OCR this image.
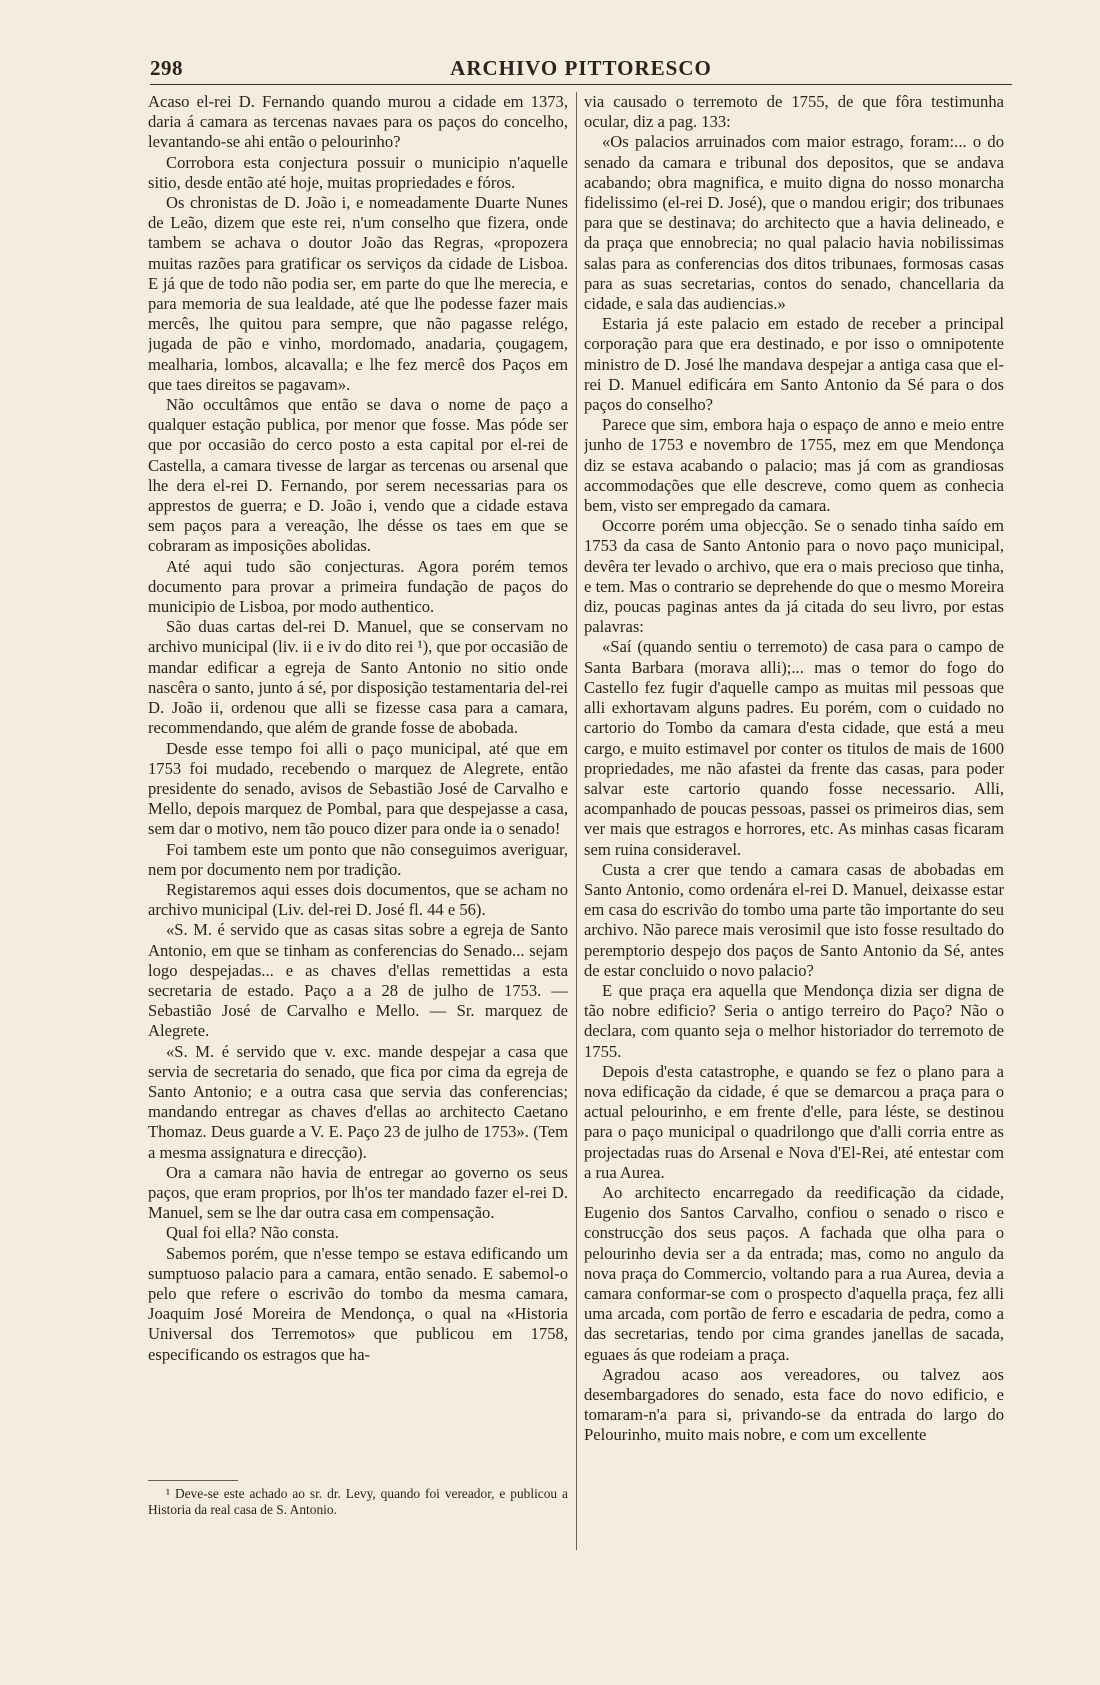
298	ARCHIVO PITTORESCO

Acaso el-rei D. Fernando quando murou a cidade em 1373, daria á camara as tercenas navaes para os paços do concelho, levantando-se ahi então o pelourinho?

Corrobora esta conjectura possuir o municipio n'aquelle sitio, desde então até hoje, muitas propriedades e fóros.

Os chronistas de D. João i, e nomeadamente Duarte Nunes de Leão, dizem que este rei, n'um conselho que fizera, onde tambem se achava o doutor João das Regras, «propozera muitas razões para gratificar os serviços da cidade de Lisboa. E já que de todo não podia ser, em parte do que lhe merecia, e para memoria de sua lealdade, até que lhe podesse fazer mais mercês, lhe quitou para sempre, que não pagasse relégo, jugada de pão e vinho, mordomado, anadaria, çougagem, mealharia, lombos, alcavalla; e lhe fez mercê dos Paços em que taes direitos se pagavam».

Não occultâmos que então se dava o nome de paço a qualquer estação publica, por menor que fosse. Mas póde ser que por occasião do cerco posto a esta capital por el-rei de Castella, a camara tivesse de largar as tercenas ou arsenal que lhe dera el-rei D. Fernando, por serem necessarias para os apprestos de guerra; e D. João i, vendo que a cidade estava sem paços para a vereação, lhe désse os taes em que se cobraram as imposições abolidas.

Até aqui tudo são conjecturas. Agora porém temos documento para provar a primeira fundação de paços do municipio de Lisboa, por modo authentico.

São duas cartas del-rei D. Manuel, que se conservam no archivo municipal (liv. ii e iv do dito rei ¹), que por occasião de mandar edificar a egreja de Santo Antonio no sitio onde nascêra o santo, junto á sé, por disposição testamentaria del-rei D. João ii, ordenou que alli se fizesse casa para a camara, recommendando, que além de grande fosse de abobada.

Desde esse tempo foi alli o paço municipal, até que em 1753 foi mudado, recebendo o marquez de Alegrete, então presidente do senado, avisos de Sebastião José de Carvalho e Mello, depois marquez de Pombal, para que despejasse a casa, sem dar o motivo, nem tão pouco dizer para onde ia o senado!

Foi tambem este um ponto que não conseguimos averiguar, nem por documento nem por tradição.

Registaremos aqui esses dois documentos, que se acham no archivo municipal (Liv. del-rei D. José fl. 44 e 56).

«S. M. é servido que as casas sitas sobre a egreja de Santo Antonio, em que se tinham as conferencias do Senado... sejam logo despejadas... e as chaves d'ellas remettidas a esta secretaria de estado. Paço a a 28 de julho de 1753. — Sebastião José de Carvalho e Mello. — Sr. marquez de Alegrete.

«S. M. é servido que v. exc. mande despejar a casa que servia de secretaria do senado, que fica por cima da egreja de Santo Antonio; e a outra casa que servia das conferencias; mandando entregar as chaves d'ellas ao architecto Caetano Thomaz. Deus guarde a V. E. Paço 23 de julho de 1753». (Tem a mesma assignatura e direcção).

Ora a camara não havia de entregar ao governo os seus paços, que eram proprios, por lh'os ter mandado fazer el-rei D. Manuel, sem se lhe dar outra casa em compensação.

Qual foi ella? Não consta.

Sabemos porém, que n'esse tempo se estava edificando um sumptuoso palacio para a camara, então senado. E sabemol-o pelo que refere o escrivão do tombo da mesma camara, Joaquim José Moreira de Mendonça, o qual na «Historia Universal dos Terremotos» que publicou em 1758, especificando os estragos que ha-

¹ Deve-se este achado ao sr. dr. Levy, quando foi vereador, e publicou a Historia da real casa de S. Antonio.

via causado o terremoto de 1755, de que fôra testimunha ocular, diz a pag. 133:

«Os palacios arruinados com maior estrago, foram:... o do senado da camara e tribunal dos depositos, que se andava acabando; obra magnifica, e muito digna do nosso monarcha fidelissimo (el-rei D. José), que o mandou erigir; dos tribunaes para que se destinava; do architecto que a havia delineado, e da praça que ennobrecia; no qual palacio havia nobilissimas salas para as conferencias dos ditos tribunaes, formosas casas para as suas secretarias, contos do senado, chancellaria da cidade, e sala das audiencias.»

Estaria já este palacio em estado de receber a principal corporação para que era destinado, e por isso o omnipotente ministro de D. José lhe mandava despejar a antiga casa que el-rei D. Manuel edificára em Santo Antonio da Sé para o dos paços do conselho?

Parece que sim, embora haja o espaço de anno e meio entre junho de 1753 e novembro de 1755, mez em que Mendonça diz se estava acabando o palacio; mas já com as grandiosas accommodações que elle descreve, como quem as conhecia bem, visto ser empregado da camara.

Occorre porém uma objecção. Se o senado tinha saído em 1753 da casa de Santo Antonio para o novo paço municipal, devêra ter levado o archivo, que era o mais precioso que tinha, e tem. Mas o contrario se deprehende do que o mesmo Moreira diz, poucas paginas antes da já citada do seu livro, por estas palavras:

«Saí (quando sentiu o terremoto) de casa para o campo de Santa Barbara (morava alli);... mas o temor do fogo do Castello fez fugir d'aquelle campo as muitas mil pessoas que alli exhortavam alguns padres. Eu porém, com o cuidado no cartorio do Tombo da camara d'esta cidade, que está a meu cargo, e muito estimavel por conter os titulos de mais de 1600 propriedades, me não afastei da frente das casas, para poder salvar este cartorio quando fosse necessario. Alli, acompanhado de poucas pessoas, passei os primeiros dias, sem ver mais que estragos e horrores, etc. As minhas casas ficaram sem ruina consideravel.

Custa a crer que tendo a camara casas de abobadas em Santo Antonio, como ordenára el-rei D. Manuel, deixasse estar em casa do escrivão do tombo uma parte tão importante do seu archivo. Não parece mais verosimil que isto fosse resultado do peremptorio despejo dos paços de Santo Antonio da Sé, antes de estar concluido o novo palacio?

E que praça era aquella que Mendonça dizia ser digna de tão nobre edificio? Seria o antigo terreiro do Paço? Não o declara, com quanto seja o melhor historiador do terremoto de 1755.

Depois d'esta catastrophe, e quando se fez o plano para a nova edificação da cidade, é que se demarcou a praça para o actual pelourinho, e em frente d'elle, para léste, se destinou para o paço municipal o quadrilongo que d'alli corria entre as projectadas ruas do Arsenal e Nova d'El-Rei, até entestar com a rua Aurea.

Ao architecto encarregado da reedificação da cidade, Eugenio dos Santos Carvalho, confiou o senado o risco e construcção dos seus paços. A fachada que olha para o pelourinho devia ser a da entrada; mas, como no angulo da nova praça do Commercio, voltando para a rua Aurea, devia a camara conformar-se com o prospecto d'aquella praça, fez alli uma arcada, com portão de ferro e escadaria de pedra, como a das secretarias, tendo por cima grandes janellas de sacada, eguaes ás que rodeiam a praça.

Agradou acaso aos vereadores, ou talvez aos desembargadores do senado, esta face do novo edificio, e tomaram-n'a para si, privando-se da entrada do largo do Pelourinho, muito mais nobre, e com um excellente
